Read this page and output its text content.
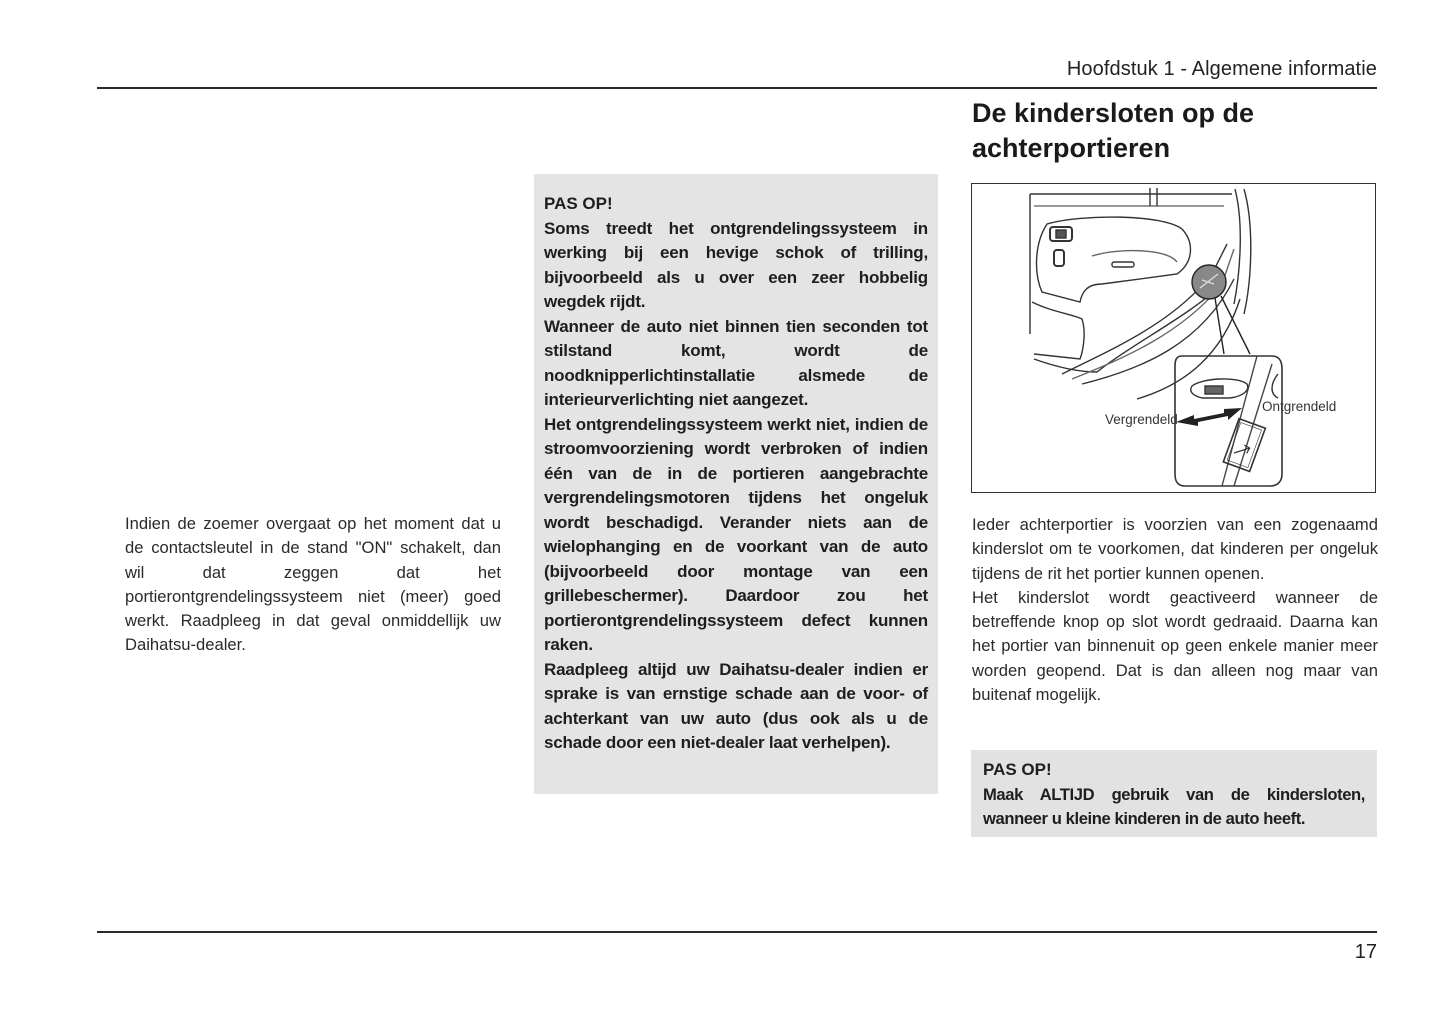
Hoofdstuk 1 - Algemene informatie
De kindersloten op de achterportieren
Indien de zoemer overgaat op het moment dat u de contactsleutel in de stand "ON" schakelt, dan wil dat zeggen dat het portierontgrendelingssysteem niet (meer) goed werkt. Raadpleeg in dat geval onmiddellijk uw Daihatsu-dealer.
PAS OP!

Soms treedt het ontgrendelingssysteem in werking bij een hevige schok of trilling, bijvoorbeeld als u over een zeer hobbelig wegdek rijdt.

Wanneer de auto niet binnen tien seconden tot stilstand komt, wordt de noodknipperlichtinstallatie alsmede de interieurverlichting niet aangezet.

Het ontgrendelingssysteem werkt niet, indien de stroomvoorziening wordt verbroken of indien één van de in de portieren aangebrachte vergrendelingsmotoren tijdens het ongeluk wordt beschadigd. Verander niets aan de wielophanging en de voorkant van de auto (bijvoorbeeld door montage van een grillebeschermer). Daardoor zou het portierontgrendelingssysteem defect kunnen raken.

Raadpleeg altijd uw Daihatsu-dealer indien er sprake is van ernstige schade aan de voor- of achterkant van uw auto (dus ook als u de schade door een niet-dealer laat verhelpen).

Vergrendeld
Ontgrendeld

Ieder achterportier is voorzien van een zogenaamd kinderslot om te voorkomen, dat kinderen per ongeluk tijdens de rit het portier kunnen openen.

Het kinderslot wordt geactiveerd wanneer de betreffende knop op slot wordt gedraaid. Daarna kan het portier van binnenuit op geen enkele manier meer worden geopend. Dat is dan alleen nog maar van buitenaf mogelijk.

PAS OP!

Maak ALTIJD gebruik van de kindersloten, wanneer u kleine kinderen in de auto heeft.

17
